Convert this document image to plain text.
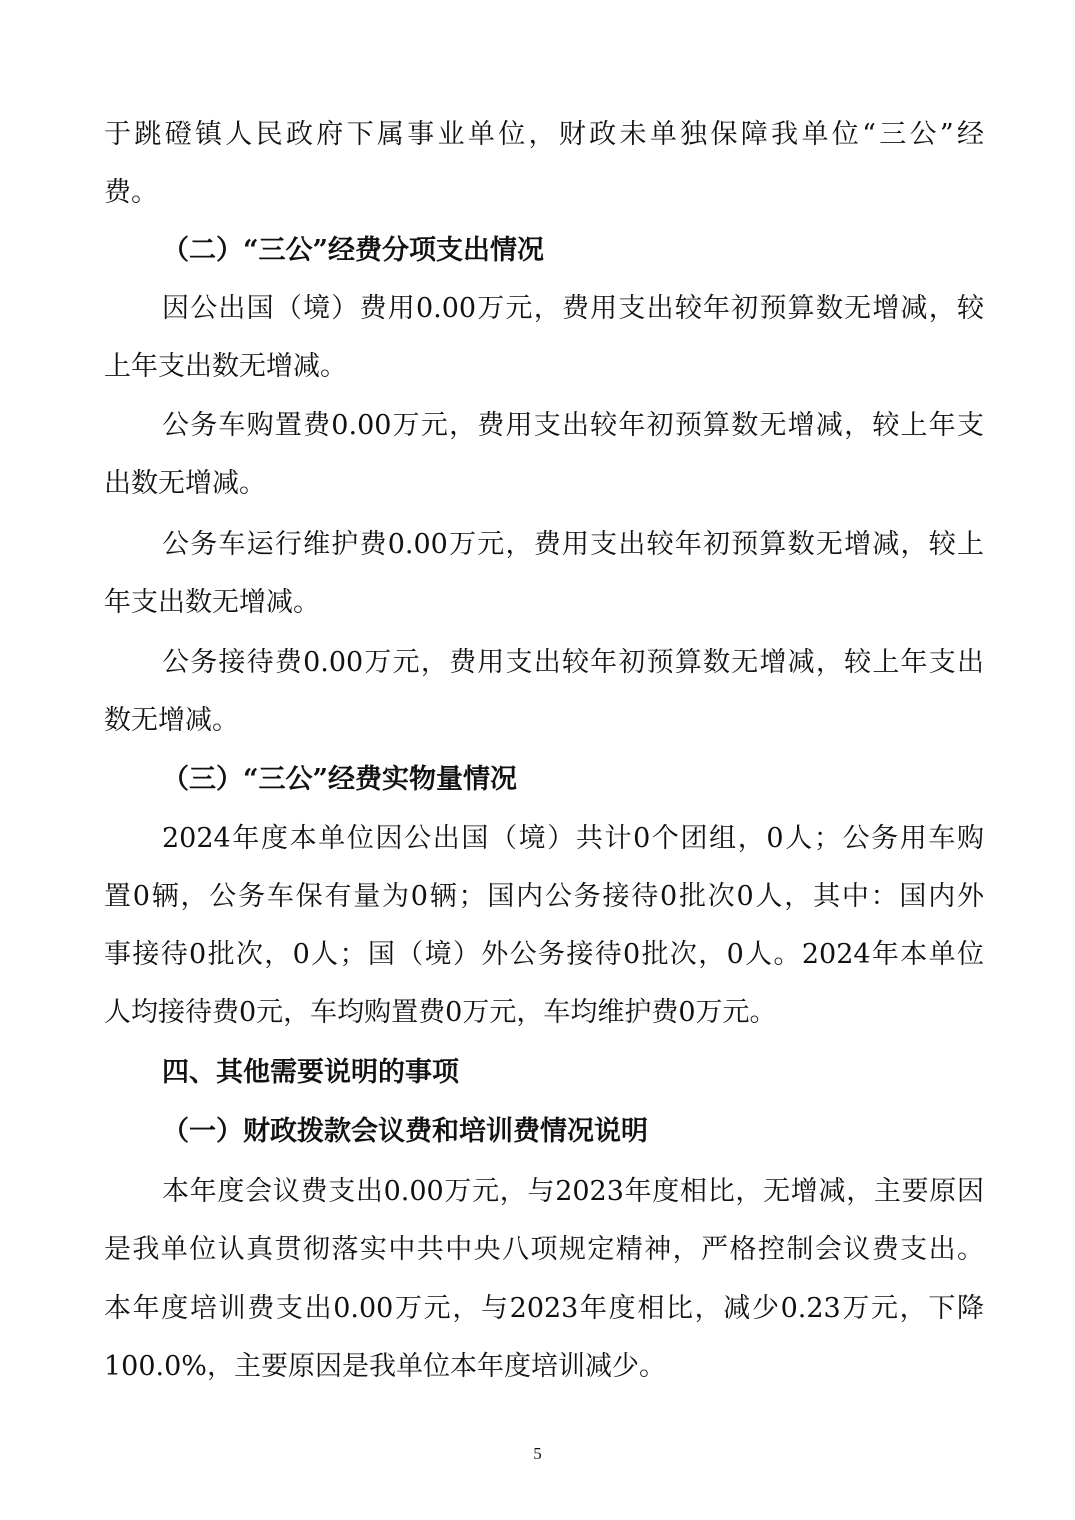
于跳磴镇人民政府下属事业单位，财政未单独保障我单位“三公”经
费。
（二）“三公”经费分项支出情况
因公出国（境）费用0.00万元，费用支出较年初预算数无增减，较
上年支出数无增减。
公务车购置费0.00万元，费用支出较年初预算数无增减，较上年支
出数无增减。
公务车运行维护费0.00万元，费用支出较年初预算数无增减，较上
年支出数无增减。
公务接待费0.00万元，费用支出较年初预算数无增减，较上年支出
数无增减。
（三）“三公”经费实物量情况
2024年度本单位因公出国（境）共计0个团组，0人；公务用车购
置0辆，公务车保有量为0辆；国内公务接待0批次0人，其中：国内外
事接待0批次，0人；国（境）外公务接待0批次，0人。2024年本单位
人均接待费0元，车均购置费0万元，车均维护费0万元。
四、其他需要说明的事项
（一）财政拨款会议费和培训费情况说明
本年度会议费支出0.00万元，与2023年度相比，无增减，主要原因
是我单位认真贯彻落实中共中央八项规定精神，严格控制会议费支出。
本年度培训费支出0.00万元，与2023年度相比，减少0.23万元，下降
100.0%，主要原因是我单位本年度培训减少。
5
